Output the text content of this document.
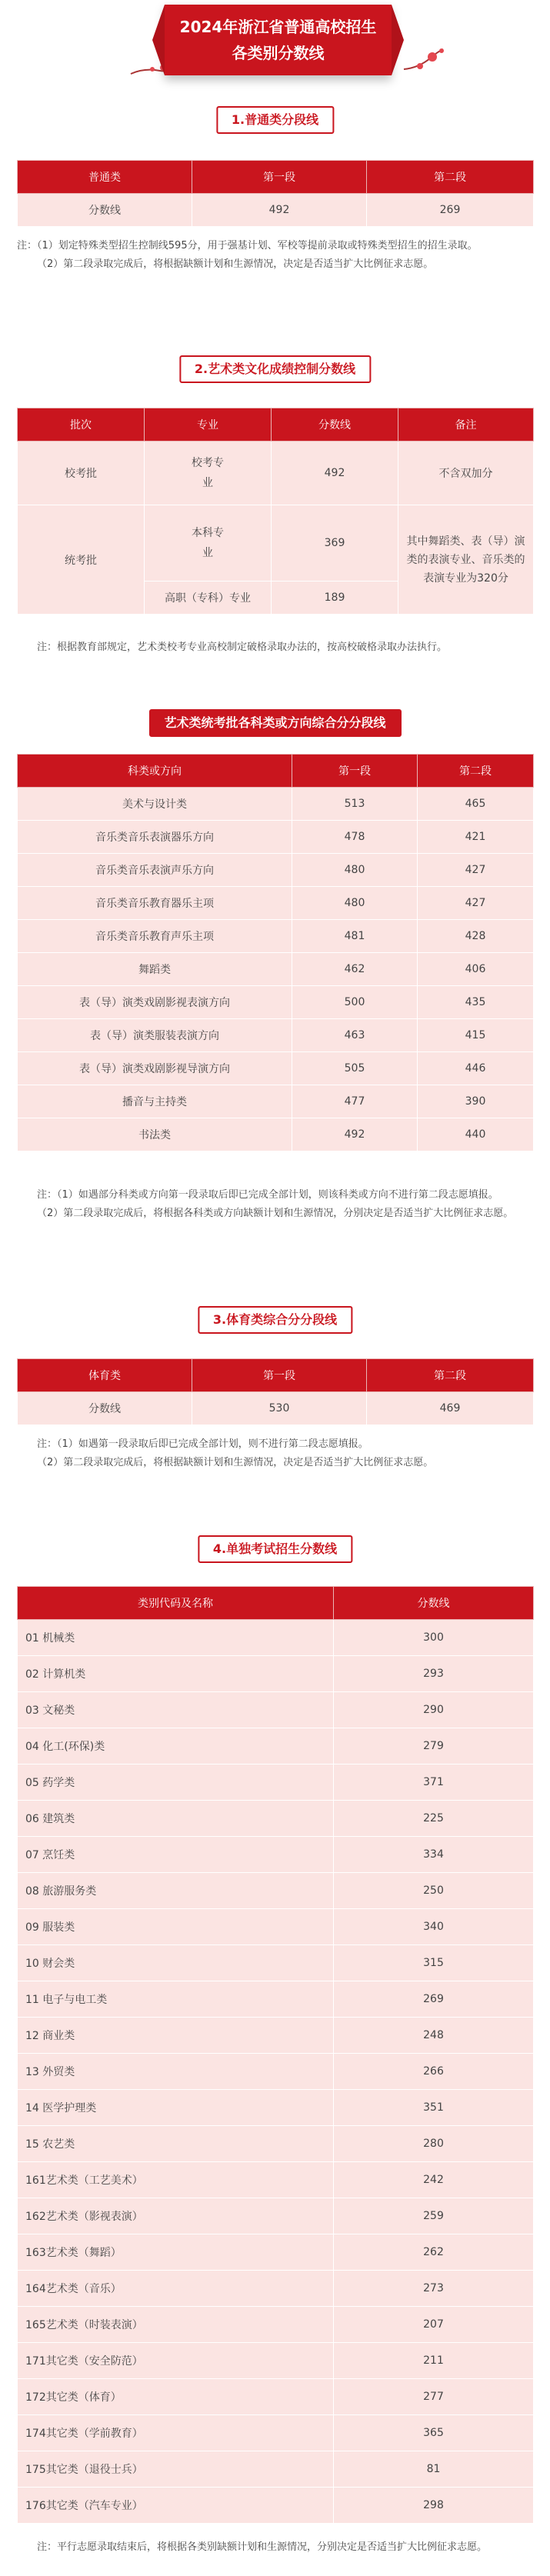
2024年浙江省普通高校招生
各类别分数线
1.普通类分段线
普通类	第一段	第二段
分数线	492	269

注：（1）划定特殊类型招生控制线595分，用于强基计划、军校等提前录取或特殊类型招生的招生录取。

（2）第二段录取完成后，将根据缺额计划和生源情况，决定是否适当扩大比例征求志愿。

2.艺术类文化成绩控制分数线
批次	专业	分数线	备注
校考批	校考专业	492	不含双加分
统考批	本科专业	369	其中舞蹈类、表（导）演类的表演专业、音乐类的表演专业为320分

	高职（专科）专业	189	

注：根据教育部规定，艺术类校考专业高校制定破格录取办法的，按高校破格录取办法执行。

艺术类统考批各科类或方向综合分分段线
科类或方向	第一段	第二段
美术与设计类	513	465
音乐类音乐表演器乐方向	478	421
音乐类音乐表演声乐方向	480	427
音乐类音乐教育器乐主项	480	427
音乐类音乐教育声乐主项	481	428
舞蹈类	462	406
表（导）演类戏剧影视表演方向	500	435
表（导）演类服装表演方向	463	415
表（导）演类戏剧影视导演方向	505	446
播音与主持类	477	390
书法类	492	440

注：（1）如遇部分科类或方向第一段录取后即已完成全部计划，则该科类或方向不进行第二段志愿填报。

（2）第二段录取完成后，将根据各科类或方向缺额计划和生源情况，分别决定是否适当扩大比例征求志愿。

3.体育类综合分分段线
体育类	第一段	第二段
分数线	530	469

注：（1）如遇第一段录取后即已完成全部计划，则不进行第二段志愿填报。

（2）第二段录取完成后，将根据缺额计划和生源情况，决定是否适当扩大比例征求志愿。

4.单独考试招生分数线
类别代码及名称	分数线
01 机械类	300
02 计算机类	293
03 文秘类	290
04 化工(环保)类	279
05 药学类	371
06 建筑类	225
07 烹饪类	334
08 旅游服务类	250
09 服装类	340
10 财会类	315
11 电子与电工类	269
12 商业类	248
13 外贸类	266
14 医学护理类	351
15 农艺类	280
161艺术类（工艺美术）	242
162艺术类（影视表演）	259
163艺术类（舞蹈）	262
164艺术类（音乐）	273
165艺术类（时装表演）	207
171其它类（安全防范）	211
172其它类（体育）	277
174其它类（学前教育）	365
175其它类（退役士兵）	81
176其它类（汽车专业）	298

注：平行志愿录取结束后，将根据各类别缺额计划和生源情况，分别决定是否适当扩大比例征求志愿。
